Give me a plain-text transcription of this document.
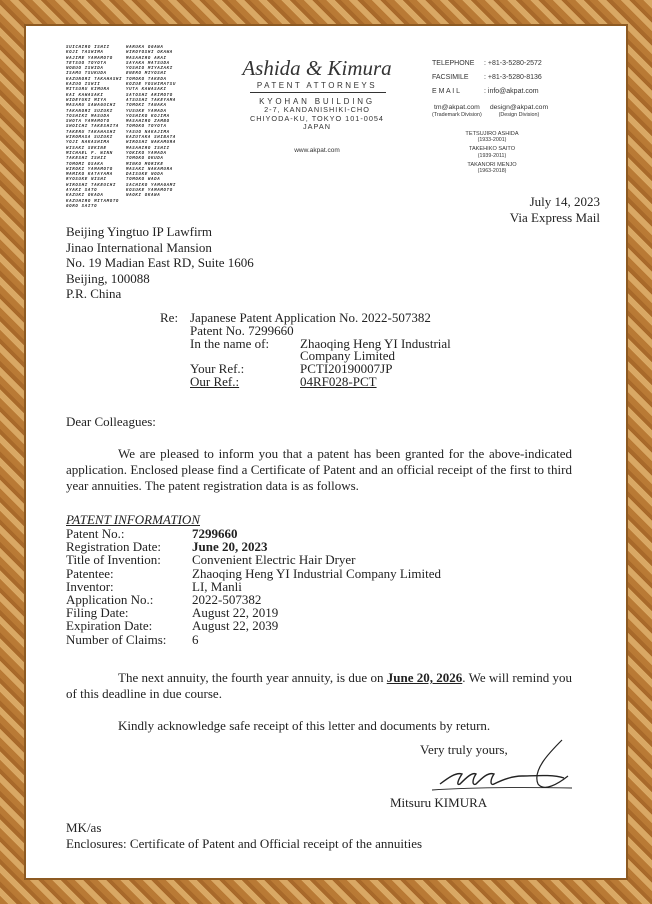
SUICHIRO ISHII
KOJI TASHIMA
HAJIME YAMAMOTO
TETSUO TOYOTA
NOBUO ISHIDA
ISAMU TSUKUDA
KAZUNORI TAKAHASHI
KAZUO ISHII
MITSURU KIMURA
KAI KAWASAKI
HIDEYUKI MIYA
MASARU SAWAGUCHI
TAKANORI SUZUKI
TOSHIKI MASUDA
SHOTA YAMAMOTO
SHOICHI TAKESHITA
TAKERU TAKAHASHI
HIROMASA SUZUKI
YOJI NAKASHIMA
HISAKI SEKINE
MICHAEL P. WINN
TAKESHI ISHII
TOMOMI OSAKA
HIROKI YAMAMOTO
MAMIKO KATAYAMA
RYOSUKE NISHI
HIROSHI TAKEUCHI
AYAKI SATO
KAZUKI OKADA
KAZUHIRO MITAMOTO
GORO SAITO
HARUKA OGAWA
HIROYOSHI OKAWA
MASAHIRO ARAI
SAYAKA MATSUDA
YOSHIO MIYAZAKI
ENERO MIYOSHI
TOMOKO TAKEDA
KOZUE YOSHIMATSU
YUTA KAWASAKI
SATOSHI ARIMOTO
ATSUSHI TAKEYAMA
TOMOKI TANAKA
YUSUKE YAMADA
YOSHIKO KOJIMA
MASAHIRO ZAMBO
TOMOKO TOYOTA
YASUO NAKAJIMA
KAZUTAKA SHIBATA
HIROSHI NAKAMURA
MASAHIRO ISHII
YOKIKO YAMADA
TOMOKO OKUDA
MINKO MORIKE
MASAKI NAKAMURA
DAISUKE NODA
TOMOKO WADA
SACHIKO YAMAGAMI
KOSUKE YAMAMOTO
NAOKI OKAWA
Ashida & Kimura
PATENT ATTORNEYS
KYOHAN BUILDING
2-7, KANDANISHIKI-CHO
CHIYODA-KU, TOKYO 101-0054
JAPAN
www.akpat.com
TELEPHONE : +81-3-5280-2572
FACSIMILE : +81-3-5280-8136
E M A I L	: info@akpat.com
tm@akpat.com
(Trademark Division)
design@akpat.com
(Design Division)
TETSUJIRO ASHIDA
(1933-2001)
TAKEHIKO SAITO
(1939-2011)
TAKANORI MENJO
(1963-2018)
July 14, 2023
Via Express Mail
Beijing Yingtuo IP Lawfirm
Jinao International Mansion
No. 19 Madian East RD, Suite 1606
Beijing, 100088
P.R. China
Re:	Japanese Patent Application No. 2022-507382	
	Patent No. 7299660	
	In the name of:	Zhaoqing Heng YI Industrial
Company Limited

	Your Ref.:	PCTI20190007JP
	Our Ref.:	04RF028-PCT
Dear Colleagues:
We are pleased to inform you that a patent has been granted for the above-indicated application. Enclosed please find a Certificate of Patent and an official receipt of the first to third year annuities. The patent registration data is as follows.
PATENT INFORMATION
Patent No.:	7299660
Registration Date:	June 20, 2023
Title of Invention:	Convenient Electric Hair Dryer
Patentee:	Zhaoqing Heng YI Industrial Company Limited
Inventor:	LI, Manli
Application No.:	2022-507382
Filing Date:	August 22, 2019
Expiration Date:	August 22, 2039
Number of Claims:	6
The next annuity, the fourth year annuity, is due on June 20, 2026. We will remind you of this deadline in due course.
Kindly acknowledge safe receipt of this letter and documents by return.
Very truly yours,
Mitsuru KIMURA
MK/as
Enclosures: Certificate of Patent and Official receipt of the annuities
